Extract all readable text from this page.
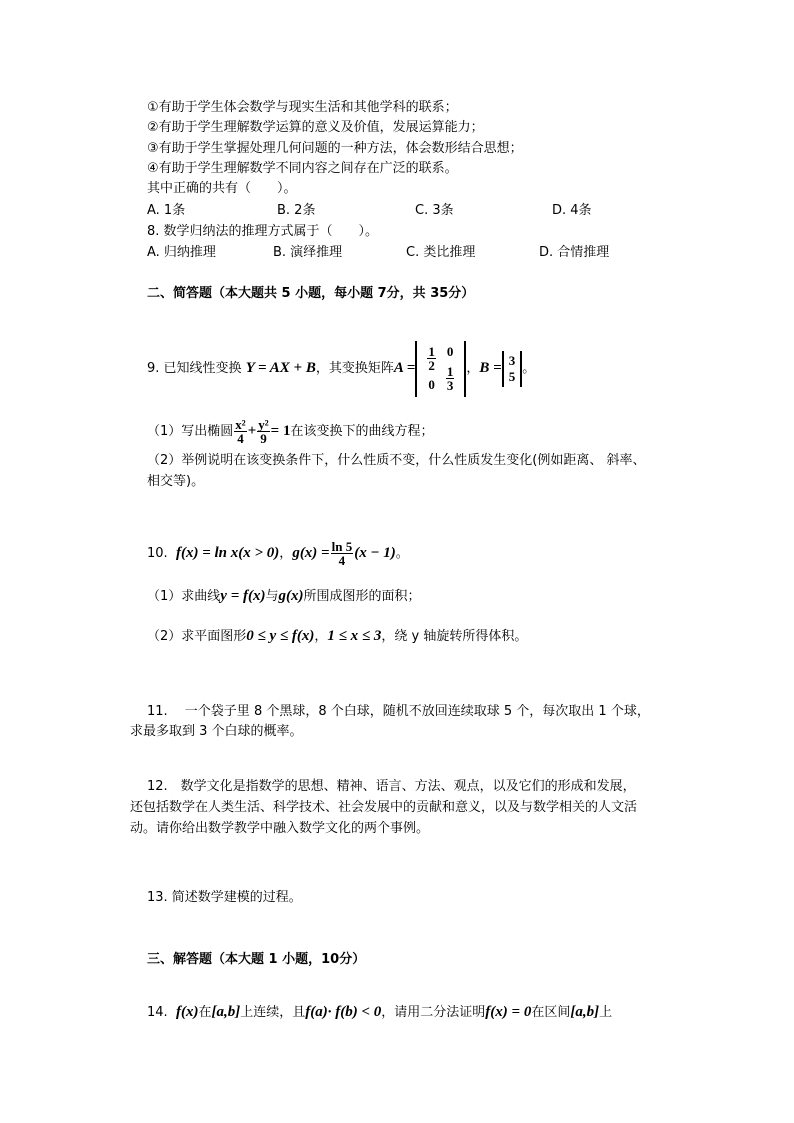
①有助于学生体会数学与现实生活和其他学科的联系；
②有助于学生理解数学运算的意义及价值，发展运算能力；
③有助于学生掌握处理几何问题的一种方法，体会数形结合思想；
④有助于学生理解数学不同内容之间存在广泛的联系。
其中正确的共有（　　）。
A. 1条	B. 2条	C. 3条	D. 4条
8. 数学归纳法的推理方式属于（　　）。
A. 归纳推理	B. 演绎推理	C. 类比推理	D. 合情推理
二、简答题（本大题共 5 小题，每小题 7分，共 35分）
9. 已知线性变换 Y = AX + B，其变换矩阵$A = \frac{1}{2}$
0
0
$\frac{1}{3}$ ，B = 3
5 。
（1）写出椭圆 $\frac{\text{x²}}{4} + \frac{\text{y²}}{9} = 1$在该变换下的曲线方程；
（2）举例说明在该变换条件下，什么性质不变，什么性质发生变化(例如距离、 斜率、
相交等)。
10. f(x) = ln x(x > 0)，$g(x) = \frac{\ln 5}{4} (x - 1)$。
（1）求曲线y = f(x)与g(x)所围成图形的面积；
（2）求平面图形0 ≤ y ≤ f(x)，1 ≤ x ≤ 3，绕 y 轴旋转所得体积。
11.　 一个袋子里 8 个黑球，8 个白球，随机不放回连续取球 5 个，每次取出 1 个球，
求最多取到 3 个白球的概率。
12.　数学文化是指数学的思想、精神、语言、方法、观点，以及它们的形成和发展，
还包括数学在人类生活、科学技术、社会发展中的贡献和意义，以及与数学相关的人文活
动。请你给出数学教学中融入数学文化的两个事例。
13. 简述数学建模的过程。
三、解答题（本大题 1 小题，10分）
14. f(x)在[a,b]上连续，且f(a)· f(b) < 0，请用二分法证明f(x) = 0在区间[a,b]上
